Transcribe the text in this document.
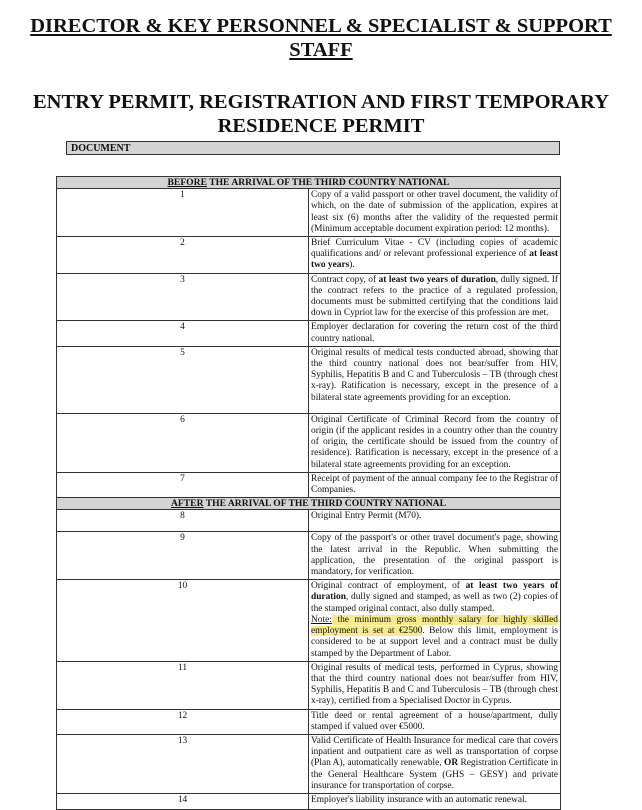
DIRECTOR & KEY PERSONNEL & SPECIALIST & SUPPORT STAFF
ENTRY PERMIT, REGISTRATION AND FIRST TEMPORARY RESIDENCE PERMIT
DOCUMENT
BEFORE THE ARRIVAL OF THE THIRD COUNTRY NATIONAL	
1	Copy of a valid passport or other travel document, the validity of which, on the date of submission of the application, expires at least six (6) months after the validity of the requested permit (Minimum acceptable document expiration period: 12 months).
2	Brief Curriculum Vitae - CV (including copies of academic qualifications and/ or relevant professional experience of at least two years).
3	Contract copy, of at least two years of duration, dully signed. If the contract refers to the practice of a regulated profession, documents must be submitted certifying that the conditions laid down in Cypriot law for the exercise of this profession are met.
4	Employer declaration for covering the return cost of the third country national.
5	Original results of medical tests conducted abroad, showing that the third country national does not bear/suffer from HIV, Syphilis, Hepatitis B and C and Tuberculosis – TB (through chest x-ray). Ratification is necessary, except in the presence of a bilateral state agreements providing for an exception.
6	Original Certificate of Criminal Record from the country of origin (if the applicant resides in a country other than the country of origin, the certificate should be issued from the country of residence). Ratification is necessary, except in the presence of a bilateral state agreements providing for an exception.
7	Receipt of payment of the annual company fee to the Registrar of Companies.
AFTER THE ARRIVAL OF THE THIRD COUNTRY NATIONAL	
8	Original Entry Permit (M70).
9	Copy of the passport's or other travel document's page, showing the latest arrival in the Republic. When submitting the application, the presentation of the original passport is mandatory, for verification.
10	Original contract of employment, of at least two years of duration, dully signed and stamped, as well as two (2) copies of the stamped original contact, also dully stamped.
Note: the minimum gross monthly salary for highly skilled employment is set at €2500. Below this limit, employment is considered to be at support level and a contract must be dully stamped by the Department of Labor.
11	Original results of medical tests, performed in Cyprus, showing that the third country national does not bear/suffer from HIV, Syphilis, Hepatitis B and C and Tuberculosis – TB (through chest x-ray), certified from a Specialised Doctor in Cyprus.
12	Title deed or rental agreement of a house/apartment, dully stamped if valued over €5000.
13	Valid Certificate of Health Insurance for medical care that covers inpatient and outpatient care as well as transportation of corpse (Plan A), automatically renewable, OR Registration Certificate in the General Healthcare System (GHS – GESY) and private insurance for transportation of corpse.
14	Employer's liability insurance with an automatic renewal.
